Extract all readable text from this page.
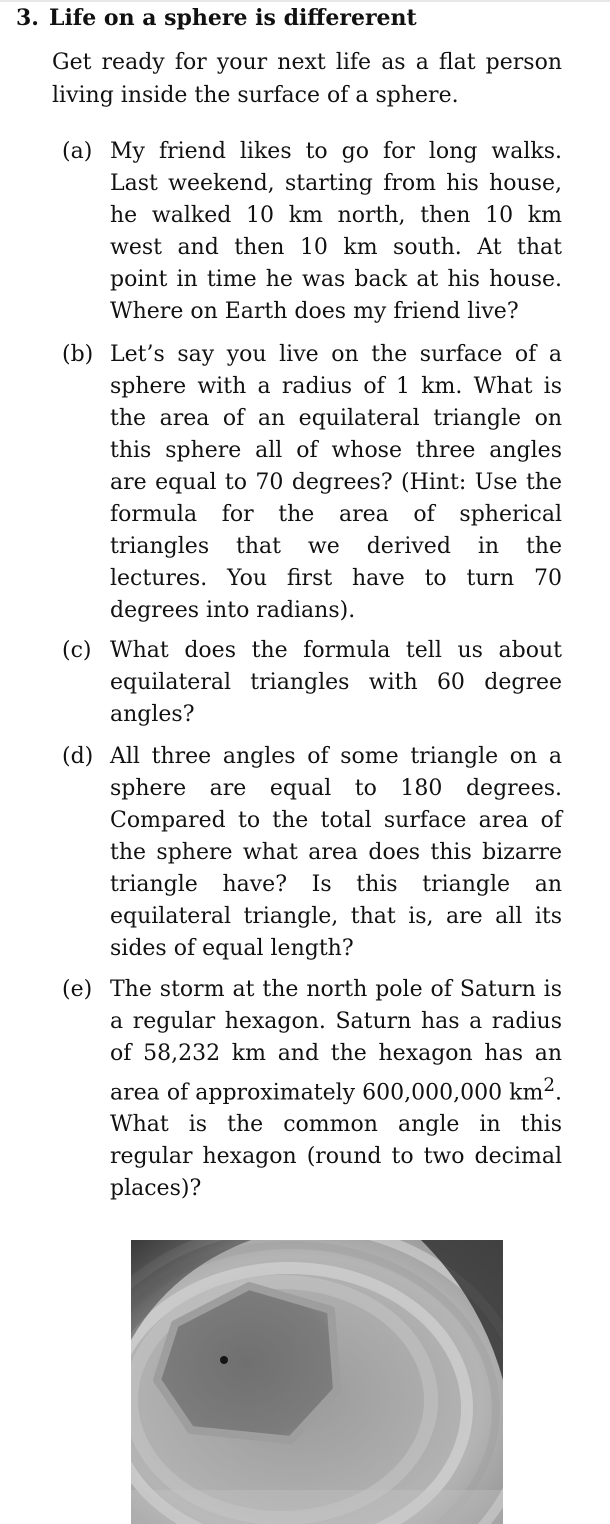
3. Life on a sphere is differerent
Get ready for your next life as a flat person living inside the surface of a sphere.
(a) My friend likes to go for long walks. Last weekend, starting from his house, he walked 10 km north, then 10 km west and then 10 km south. At that point in time he was back at his house. Where on Earth does my friend live?
(b) Let’s say you live on the surface of a sphere with a radius of 1 km. What is the area of an equilateral triangle on this sphere all of whose three angles are equal to 70 degrees? (Hint: Use the formula for the area of spherical triangles that we derived in the lectures. You first have to turn 70 degrees into radians).
(c) What does the formula tell us about equilateral triangles with 60 degree angles?
(d) All three angles of some triangle on a sphere are equal to 180 degrees. Compared to the total surface area of the sphere what area does this bizarre triangle have? Is this triangle an equilateral triangle, that is, are all its sides of equal length?
(e) The storm at the north pole of Saturn is a regular hexagon. Saturn has a radius of 58,232 km and the hexagon has an area of approximately 600,000,000 $km^2$. What is the common angle in this regular hexagon (round to two decimal places)?
